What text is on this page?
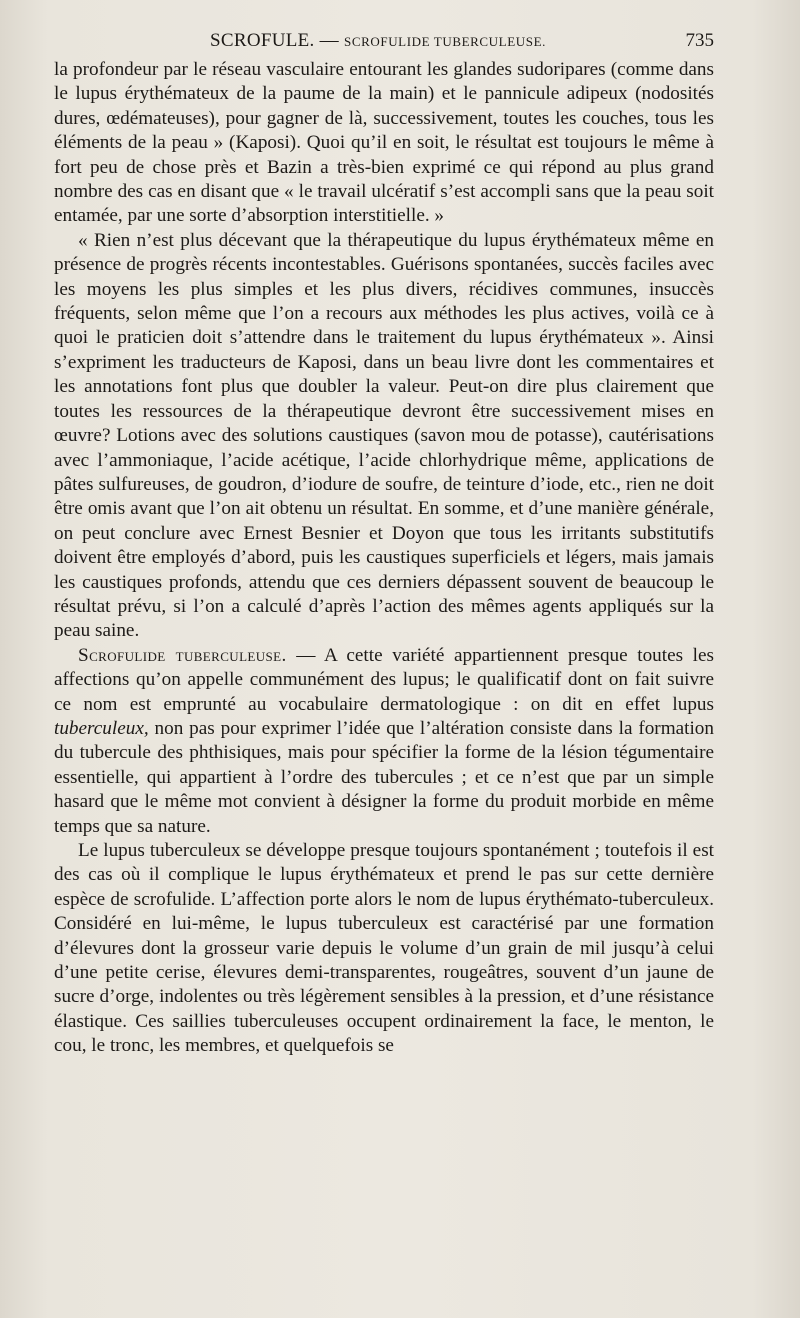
SCROFULE. — SCROFULIDE TUBERCULEUSE.	735

la profondeur par le réseau vasculaire entourant les glandes sudoripares (comme dans le lupus érythémateux de la paume de la main) et le pannicule adipeux (nodosités dures, œdémateuses), pour gagner de là, successivement, toutes les couches, tous les éléments de la peau » (Kaposi). Quoi qu’il en soit, le résultat est toujours le même à fort peu de chose près et Bazin a très-bien exprimé ce qui répond au plus grand nombre des cas en disant que « le travail ulcératif s’est accompli sans que la peau soit entamée, par une sorte d’absorption interstitielle. »

« Rien n’est plus décevant que la thérapeutique du lupus érythémateux même en présence de progrès récents incontestables. Guérisons spontanées, succès faciles avec les moyens les plus simples et les plus divers, récidives communes, insuccès fréquents, selon même que l’on a recours aux méthodes les plus actives, voilà ce à quoi le praticien doit s’attendre dans le traitement du lupus érythémateux ». Ainsi s’expriment les traducteurs de Kaposi, dans un beau livre dont les commentaires et les annotations font plus que doubler la valeur. Peut-on dire plus clairement que toutes les ressources de la thérapeutique devront être successivement mises en œuvre? Lotions avec des solutions caustiques (savon mou de potasse), cautérisations avec l’ammoniaque, l’acide acétique, l’acide chlorhydrique même, applications de pâtes sulfureuses, de goudron, d’iodure de soufre, de teinture d’iode, etc., rien ne doit être omis avant que l’on ait obtenu un résultat. En somme, et d’une manière générale, on peut conclure avec Ernest Besnier et Doyon que tous les irritants substitutifs doivent être employés d’abord, puis les caustiques superficiels et légers, mais jamais les caustiques profonds, attendu que ces derniers dépassent souvent de beaucoup le résultat prévu, si l’on a calculé d’après l’action des mêmes agents appliqués sur la peau saine.

Scrofulide tuberculeuse. — A cette variété appartiennent presque toutes les affections qu’on appelle communément des lupus; le qualificatif dont on fait suivre ce nom est emprunté au vocabulaire dermatologique : on dit en effet lupus tuberculeux, non pas pour exprimer l’idée que l’altération consiste dans la formation du tubercule des phthisiques, mais pour spécifier la forme de la lésion tégumentaire essentielle, qui appartient à l’ordre des tubercules ; et ce n’est que par un simple hasard que le même mot convient à désigner la forme du produit morbide en même temps que sa nature.

Le lupus tuberculeux se développe presque toujours spontanément ; toutefois il est des cas où il complique le lupus érythémateux et prend le pas sur cette dernière espèce de scrofulide. L’affection porte alors le nom de lupus érythémato-tuberculeux. Considéré en lui-même, le lupus tuberculeux est caractérisé par une formation d’élevures dont la grosseur varie depuis le volume d’un grain de mil jusqu’à celui d’une petite cerise, élevures demi-transparentes, rougeâtres, souvent d’un jaune de sucre d’orge, indolentes ou très légèrement sensibles à la pression, et d’une résistance élastique. Ces saillies tuberculeuses occupent ordinairement la face, le menton, le cou, le tronc, les membres, et quelquefois se
